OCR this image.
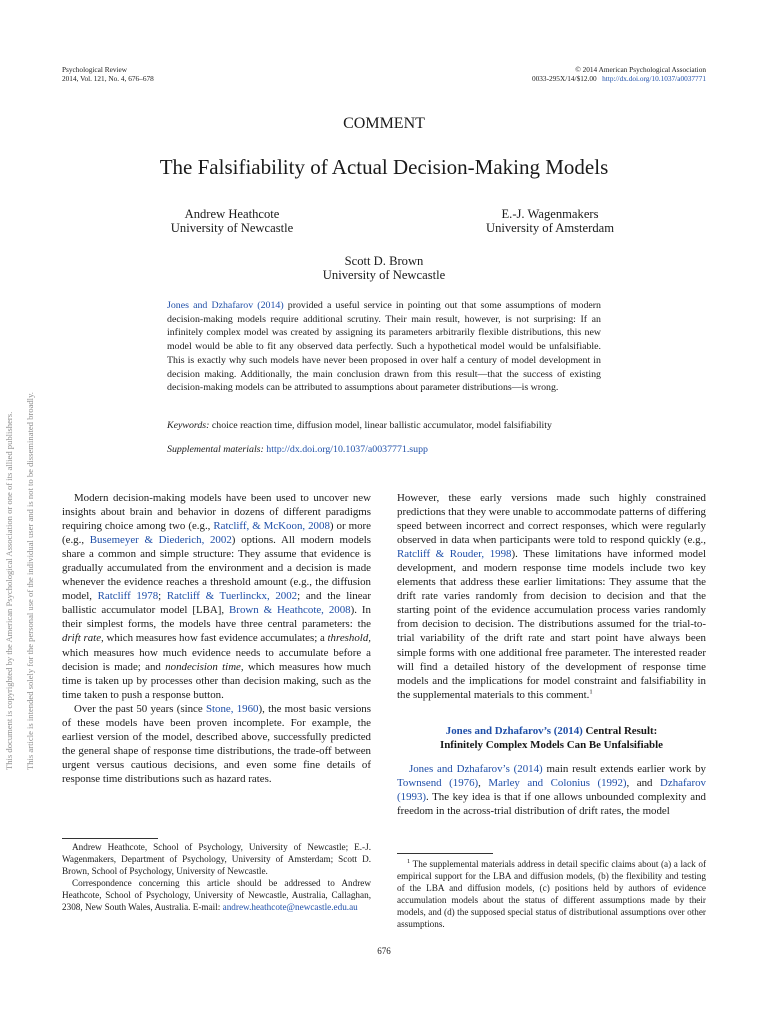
This document is copyrighted by the American Psychological Association or one of its allied publishers. This article is intended solely for the personal use of the individual user and is not to be disseminated broadly.
Psychological Review
2014, Vol. 121, No. 4, 676–678
© 2014 American Psychological Association
0033-295X/14/$12.00 http://dx.doi.org/10.1037/a0037771
COMMENT
The Falsifiability of Actual Decision-Making Models
Andrew Heathcote
University of Newcastle
E.-J. Wagenmakers
University of Amsterdam
Scott D. Brown
University of Newcastle
Jones and Dzhafarov (2014) provided a useful service in pointing out that some assumptions of modern decision-making models require additional scrutiny. Their main result, however, is not surprising: If an infinitely complex model was created by assigning its parameters arbitrarily flexible distributions, this new model would be able to fit any observed data perfectly. Such a hypothetical model would be unfalsifiable. This is exactly why such models have never been proposed in over half a century of model development in decision making. Additionally, the main conclusion drawn from this result—that the success of existing decision-making models can be attributed to assumptions about parameter distributions—is wrong.
Keywords: choice reaction time, diffusion model, linear ballistic accumulator, model falsifiability
Supplemental materials: http://dx.doi.org/10.1037/a0037771.supp

Modern decision-making models have been used to uncover new insights about brain and behavior in dozens of different paradigms requiring choice among two (e.g., Ratcliff, & McKoon, 2008) or more (e.g., Busemeyer & Diederich, 2002) options. All modern models share a common and simple structure: They assume that evidence is gradually accumulated from the environment and a decision is made whenever the evidence reaches a threshold amount (e.g., the diffusion model, Ratcliff 1978; Ratcliff & Tuerlinckx, 2002; and the linear ballistic accumulator model [LBA], Brown & Heathcote, 2008). In their simplest forms, the models have three central parameters: the drift rate, which measures how fast evidence accumulates; a threshold, which measures how much evidence needs to accumulate before a decision is made; and nondecision time, which measures how much time is taken up by processes other than decision making, such as the time taken to push a response button.

Over the past 50 years (since Stone, 1960), the most basic versions of these models have been proven incomplete. For example, the earliest version of the model, described above, successfully predicted the general shape of response time distributions, the trade-off between urgent versus cautious decisions, and even some fine details of response time distributions such as hazard rates.

However, these early versions made such highly constrained predictions that they were unable to accommodate patterns of differing speed between incorrect and correct responses, which were regularly observed in data when participants were told to respond quickly (e.g., Ratcliff & Rouder, 1998). These limitations have informed model development, and modern response time models include two key elements that address these earlier limitations: They assume that the drift rate varies randomly from decision to decision and that the starting point of the evidence accumulation process varies randomly from decision to decision. The distributions assumed for the trial-to-trial variability of the drift rate and start point have always been simple forms with one additional free parameter. The interested reader will find a detailed history of the development of response time models and the implications for model constraint and falsifiability in the supplemental materials to this comment.$^1$

Jones and Dzhafarov’s (2014) Central Result:
Infinitely Complex Models Can Be Unfalsifiable

Jones and Dzhafarov’s (2014) main result extends earlier work by Townsend (1976), Marley and Colonius (1992), and Dzhafarov (1993). The key idea is that if one allows unbounded complexity and freedom in the across-trial distribution of drift rates, the model

Andrew Heathcote, School of Psychology, University of Newcastle; E.-J. Wagenmakers, Department of Psychology, University of Amsterdam; Scott D. Brown, School of Psychology, University of Newcastle.

Correspondence concerning this article should be addressed to Andrew Heathcote, School of Psychology, University of Newcastle, Australia, Callaghan, 2308, New South Wales, Australia. E-mail: andrew.heathcote@newcastle.edu.au

$^1$ The supplemental materials address in detail specific claims about (a) a lack of empirical support for the LBA and diffusion models, (b) the flexibility and testing of the LBA and diffusion models, (c) positions held by authors of evidence accumulation models about the status of different assumptions made by their models, and (d) the supposed special status of distributional assumptions over other assumptions.

676
